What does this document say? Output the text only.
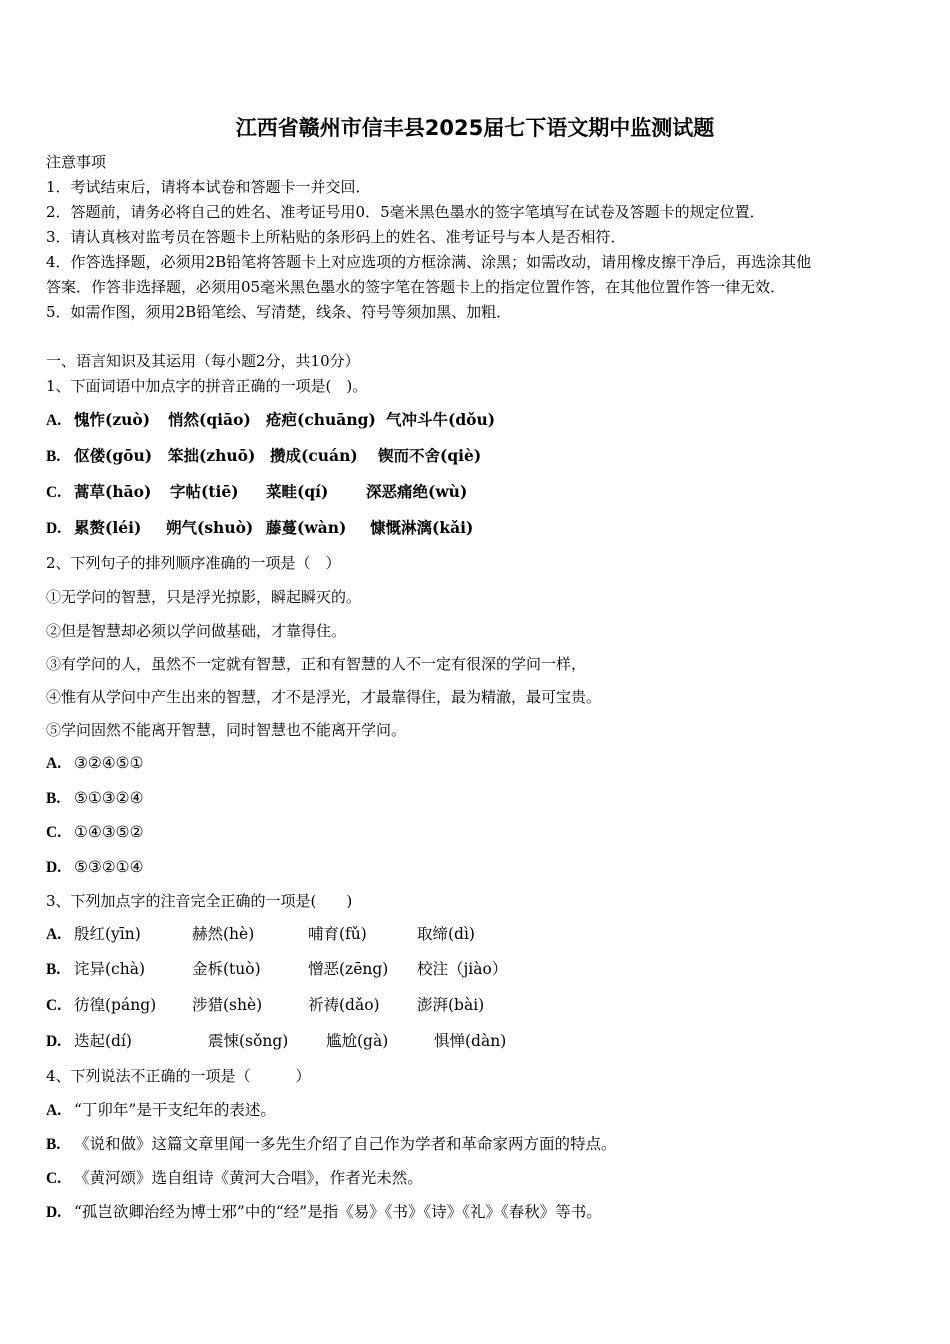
江西省赣州市信丰县2025届七下语文期中监测试题
注意事项
1．考试结束后，请将本试卷和答题卡一并交回．
2．答题前，请务必将自己的姓名、准考证号用0．5毫米黑色墨水的签字笔填写在试卷及答题卡的规定位置．
3．请认真核对监考员在答题卡上所粘贴的条形码上的姓名、准考证号与本人是否相符．
4．作答选择题，必须用2B铅笔将答题卡上对应选项的方框涂满、涂黑；如需改动，请用橡皮擦干净后，再选涂其他
答案．作答非选择题，必须用05毫米黑色墨水的签字笔在答题卡上的指定位置作答，在其他位置作答一律无效．
5．如需作图，须用2B铅笔绘、写清楚，线条、符号等须加黑、加粗．
一、语言知识及其运用（每小题2分，共10分）
1、下面词语中加点字的拼音正确的一项是(　)。
A. 愧怍(zuò) 悄然(qiāo) 疮疤(chuāng) 气冲斗牛(dǒu)
B. 伛偻(gōu) 笨拙(zhuō) 攒成(cuán) 锲而不舍(qiè)
C. 蒿草(hāo) 字帖(tiē) 菜畦(qí) 深恶痛绝(wù)
D. 累赘(léi) 朔气(shuò) 藤蔓(wàn) 慷慨淋漓(kǎi)
2、下列句子的排列顺序准确的一项是（　）
①无学问的智慧，只是浮光掠影，瞬起瞬灭的。
②但是智慧却必须以学问做基础，才靠得住。
③有学问的人，虽然不一定就有智慧，正和有智慧的人不一定有很深的学问一样，
④惟有从学问中产生出来的智慧，才不是浮光，才最靠得住，最为精澈，最可宝贵。
⑤学问固然不能离开智慧，同时智慧也不能离开学问。
A. ③②④⑤①
B. ⑤①③②④
C. ①④③⑤②
D. ⑤③②①④
3、下列加点字的注音完全正确的一项是(　　)
A. 殷红(yīn)	赫然(hè)	哺育(fǔ)	取缔(dì)
B. 诧异(chà)	金柝(tuò)	憎恶(zēng) 校注（jiào）
C. 彷徨(páng) 涉猎(shè)	祈祷(dǎo) 澎湃(bài)
D. 迭起(dí)	震悚(sǒng) 尴尬(gà)	惧惮(dàn)
4、下列说法不正确的一项是（　　　）
A. “丁卯年”是干支纪年的表述。
B. 《说和做》这篇文章里闻一多先生介绍了自己作为学者和革命家两方面的特点。
C. 《黄河颂》选自组诗《黄河大合唱》，作者光未然。
D. “孤岂欲卿治经为博士邪”中的“经”是指《易》《书》《诗》《礼》《春秋》等书。
